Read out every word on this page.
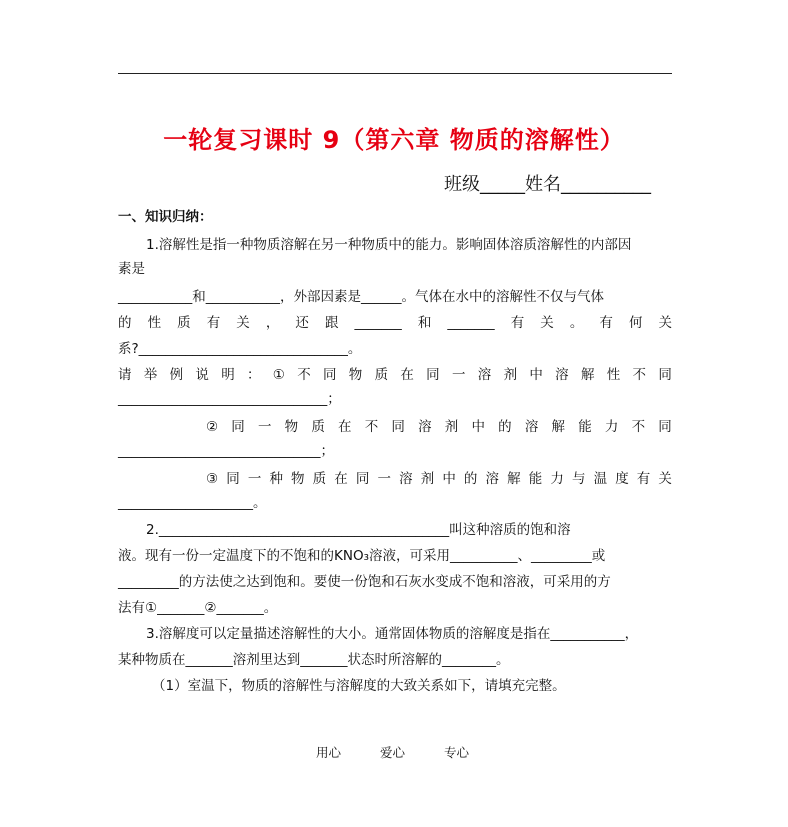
一轮复习课时 9（第六章 物质的溶解性）
班级_____姓名__________
一、知识归纳：
1.溶解性是指一种物质溶解在另一种物质中的能力。影响固体溶质溶解性的内部因
素是
___________和___________，外部因素是______。气体在水中的溶解性不仅与气体
的 性 质 有 关 ， 还 跟 _______ 和 _______ 有 关 。 有 何 关
系?_______________________________。
请 举 例 说 明 ： ① 不 同 物 质 在 同 一 溶 剂 中 溶 解 性 不 同
_______________________________；
② 同 一 物 质 在 不 同 溶 剂 中 的 溶 解 能 力 不 同
______________________________；
③ 同 一 种 物 质 在 同 一 溶 剂 中 的 溶 解 能 力 与 温 度 有 关
____________________。
2.___________________________________________叫这种溶质的饱和溶
液。现有一份一定温度下的不饱和的KNO₃溶液，可采用__________、_________或
_________的方法使之达到饱和。要使一份饱和石灰水变成不饱和溶液，可采用的方
法有①_______②_______。
3.溶解度可以定量描述溶解性的大小。通常固体物质的溶解度是指在___________，
某种物质在_______溶剂里达到_______状态时所溶解的________。
（1）室温下，物质的溶解性与溶解度的大致关系如下，请填充完整。
用心	爱心	专心
